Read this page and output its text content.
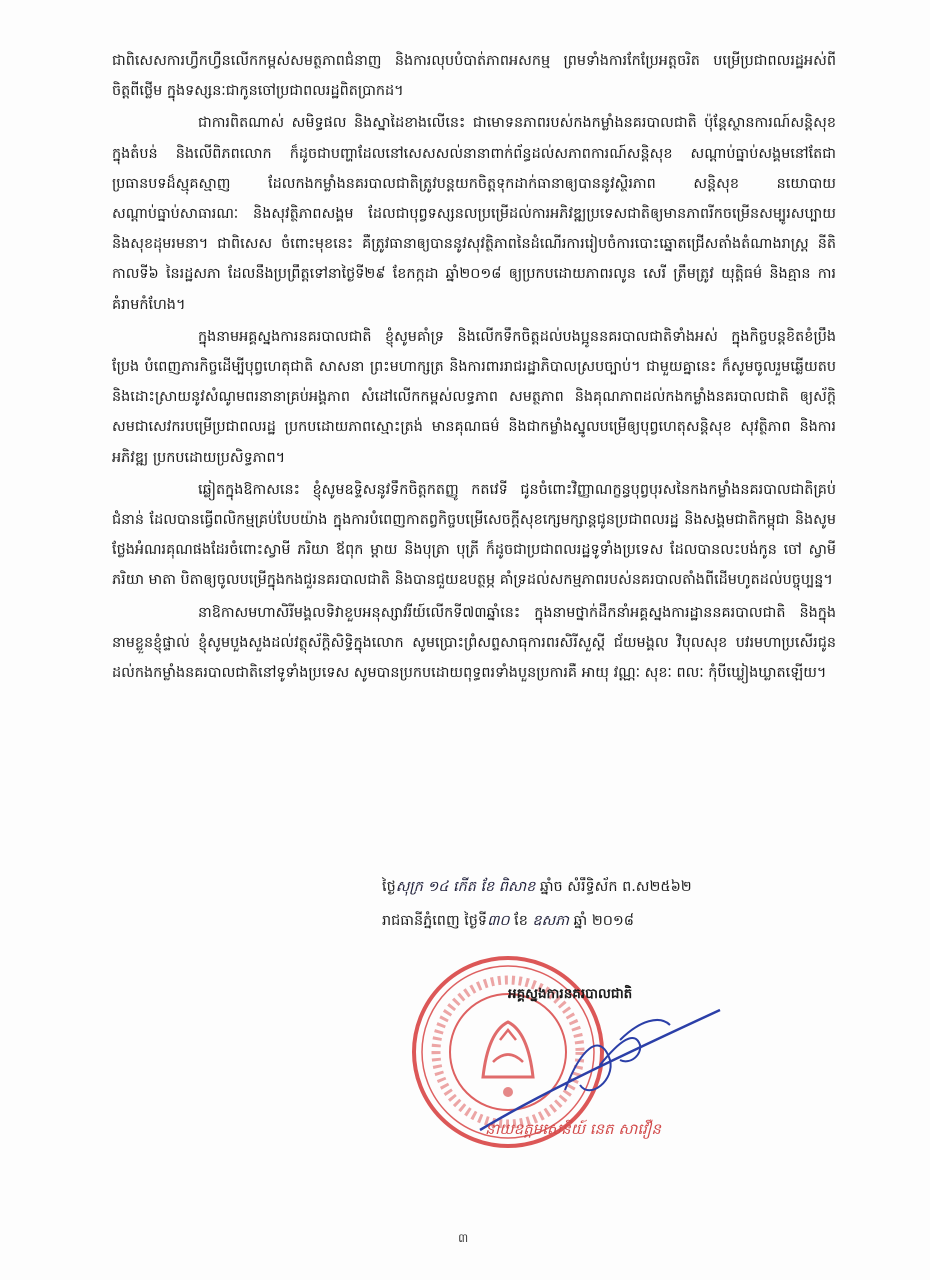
ជាពិសេសការហ្វឹកហ្វឺនលើកកម្ពស់សមត្ថភាពជំនាញ និងការលុបបំបាត់ភាពអសកម្ម ព្រមទាំងការកែប្រែអត្តចរិត បម្រើប្រជាពលរដ្ឋអស់ពីចិត្តពីថ្លើម ក្នុងទស្សនៈជាកូនចៅប្រជាពលរដ្ឋពិតប្រាកដ។

ជាការពិតណាស់ សមិទ្ធផល និងស្នាដៃខាងលើនេះ ជាមោទនភាពរបស់កងកម្លាំងនគរបាលជាតិ ប៉ុន្តែស្ថានការណ៍សន្តិសុខក្នុងតំបន់ និងលើពិភពលោក ក៏ដូចជាបញ្ហាដែលនៅសេសសល់នានាពាក់ព័ន្ធដល់សភាពការណ៍សន្តិសុខ សណ្តាប់ធ្នាប់សង្គមនៅតែជាប្រធានបទដ៏ស្មុគស្មាញ ដែលកងកម្លាំងនគរបាលជាតិត្រូវបន្តយកចិត្តទុកដាក់ធានាឲ្យបាននូវស្ថិរភាព សន្តិសុខ នយោបាយ សណ្តាប់ធ្នាប់សាធារណៈ និងសុវត្ថិភាពសង្គម ដែលជាបុព្វទស្សនលប្រម្រើដល់ការអភិវឌ្ឍប្រទេសជាតិឲ្យមានភាពរីកចម្រើនសម្បូរសប្បាយ និងសុខដុមរមនា។ ជាពិសេស ចំពោះមុខនេះ គឺត្រូវធានាឲ្យបាននូវសុវត្ថិភាពនៃដំណើរការរៀបចំការបោះឆ្នោតជ្រើសតាំងតំណាងរាស្ត្រ នីតិកាលទី៦ នៃរដ្ឋសភា ដែលនឹងប្រព្រឹត្តទៅនាថ្ងៃទី២៩ ខែកក្កដា ឆ្នាំ២០១៨ ឲ្យប្រកបដោយភាពរលូន សេរី ត្រឹមត្រូវ យុត្តិធម៌ និងគ្មាន ការគំរាមកំហែង។

ក្នុងនាមអគ្គស្នងការនគរបាលជាតិ ខ្ញុំសូមគាំទ្រ និងលើកទឹកចិត្តដល់បងប្អូននគរបាលជាតិទាំងអស់ ក្នុងកិច្ចបន្តខិតខំប្រឹងប្រែង បំពេញភារកិច្ចដើម្បីបុព្វហេតុជាតិ សាសនា ព្រះមហាក្សត្រ និងការពាររាជរដ្ឋាភិបាលស្របច្បាប់។ ជាមួយគ្នានេះ ក៏សូមចូលរួមឆ្លើយតប និងដោះស្រាយនូវសំណូមពរនានាគ្រប់អង្គភាព សំដៅលើកកម្ពស់លទ្ធភាព សមត្ថភាព និងគុណភាពដល់កងកម្លាំងនគរបាលជាតិ ឲ្យស័ក្តិសមជាសេវករបម្រើប្រជាពលរដ្ឋ ប្រកបដោយភាពស្មោះត្រង់ មានគុណធម៌ និងជាកម្លាំងស្នូលបម្រើឲ្យបុព្វហេតុសន្តិសុខ សុវត្ថិភាព និងការអភិវឌ្ឍ ប្រកបដោយប្រសិទ្ធភាព។

ឆ្លៀតក្នុងឱកាសនេះ ខ្ញុំសូមឧទ្ទិសនូវទឹកចិត្តកតញ្ញូ កតវេទី ជូនចំពោះវិញ្ញាណក្ខន្ធបុព្វបុរសនៃកងកម្លាំងនគរបាលជាតិគ្រប់ជំនាន់ ដែលបានធ្វើពលិកម្មគ្រប់បែបយ៉ាង ក្នុងការបំពេញកាតព្វកិច្ចបម្រើសេចក្តីសុខក្សេមក្សាន្តជូនប្រជាពលរដ្ឋ និងសង្គមជាតិកម្ពុជា និងសូមថ្លែងអំណរគុណផងដែរចំពោះស្វាមី ភរិយា ឪពុក ម្តាយ និងបុត្រា បុត្រី ក៏ដូចជាប្រជាពលរដ្ឋទូទាំងប្រទេស ដែលបានលះបង់កូន ចៅ ស្វាមី ភរិយា មាតា បិតាឲ្យចូលបម្រើក្នុងកងជួរនគរបាលជាតិ និងបានជួយឧបត្ថម្ភ គាំទ្រដល់សកម្មភាពរបស់នគរបាលតាំងពីដើមហូតដល់បច្ចុប្បន្ន។

នាឱកាសមហាសិរីមង្គលទិវាខួបអនុស្សាវរីយ៍លើកទី៧៣ឆ្នាំនេះ ក្នុងនាមថ្នាក់ដឹកនាំអគ្គស្នងការដ្ឋាននគរបាលជាតិ និងក្នុងនាមខ្លួនខ្ញុំផ្ទាល់ ខ្ញុំសូមបួងសួងដល់វត្ថុស័ក្តិសិទ្ធិក្នុងលោក សូមប្រោះព្រំសព្ទសាធុការពរសិរីសួស្តី ជ័យមង្គល វិបុលសុខ បវរមហាប្រសើរជូនដល់កងកម្លាំងនគរបាលជាតិនៅទូទាំងប្រទេស សូមបានប្រកបដោយពុទ្ធពរទាំងបួនប្រការគឺ អាយុ វណ្ណៈ សុខៈ ពលៈ កុំបីឃ្លៀងឃ្លាតឡើយ។

ថ្ងៃសុក្រ ១៤ កើត ខែ ពិសាខ ឆ្នាំច សំរឹទ្ធិស័ក ព.ស២៥៦២
រាជធានីភ្នំពេញ ថ្ងៃទី៣០ ខែ ឧសភា ឆ្នាំ ២០១៨
អគ្គស្នងការនគរបាលជាតិ
នាយឧត្តមសេនីយ៍ នេត សាវឿន
៣
